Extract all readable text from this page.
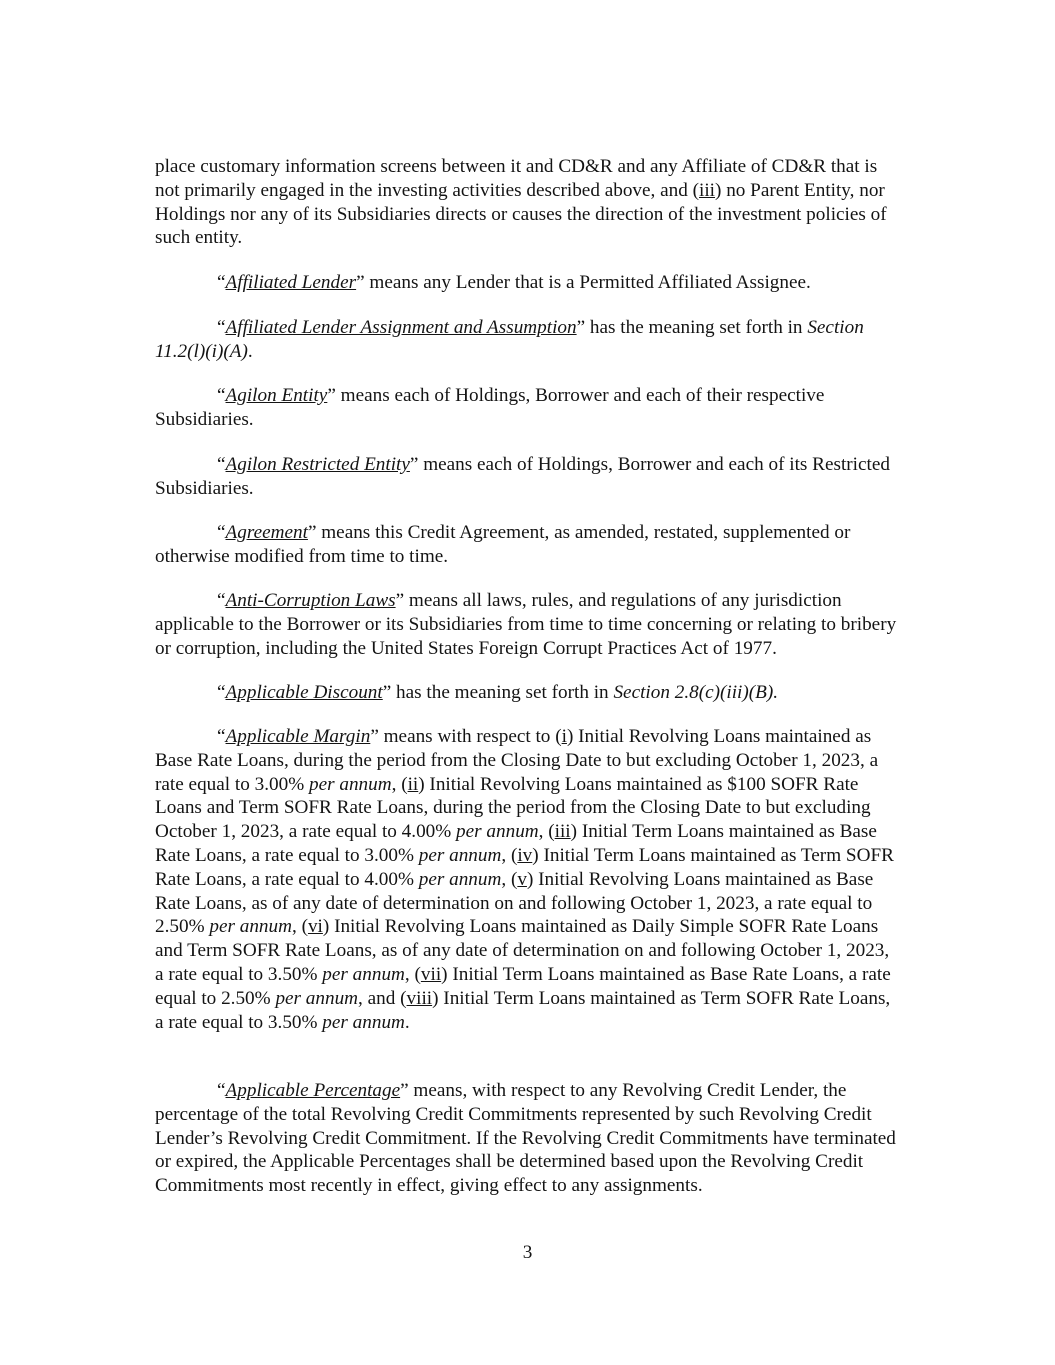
place customary information screens between it and CD&R and any Affiliate of CD&R that is not primarily engaged in the investing activities described above, and (iii) no Parent Entity, nor Holdings nor any of its Subsidiaries directs or causes the direction of the investment policies of such entity.

“Affiliated Lender” means any Lender that is a Permitted Affiliated Assignee.

“Affiliated Lender Assignment and Assumption” has the meaning set forth in Section 11.2(l)(i)(A).

“Agilon Entity” means each of Holdings, Borrower and each of their respective Subsidiaries.

“Agilon Restricted Entity” means each of Holdings, Borrower and each of its Restricted Subsidiaries.

“Agreement” means this Credit Agreement, as amended, restated, supplemented or otherwise modified from time to time.

“Anti-Corruption Laws” means all laws, rules, and regulations of any jurisdiction applicable to the Borrower or its Subsidiaries from time to time concerning or relating to bribery or corruption, including the United States Foreign Corrupt Practices Act of 1977.

“Applicable Discount” has the meaning set forth in Section 2.8(c)(iii)(B).

“Applicable Margin” means with respect to (i) Initial Revolving Loans maintained as Base Rate Loans, during the period from the Closing Date to but excluding October 1, 2023, a rate equal to 3.00% per annum, (ii) Initial Revolving Loans maintained as $100 SOFR Rate Loans and Term SOFR Rate Loans, during the period from the Closing Date to but excluding October 1, 2023, a rate equal to 4.00% per annum, (iii) Initial Term Loans maintained as Base Rate Loans, a rate equal to 3.00% per annum, (iv) Initial Term Loans maintained as Term SOFR Rate Loans, a rate equal to 4.00% per annum, (v) Initial Revolving Loans maintained as Base Rate Loans, as of any date of determination on and following October 1, 2023, a rate equal to 2.50% per annum, (vi) Initial Revolving Loans maintained as Daily Simple SOFR Rate Loans and Term SOFR Rate Loans, as of any date of determination on and following October 1, 2023, a rate equal to 3.50% per annum, (vii) Initial Term Loans maintained as Base Rate Loans, a rate equal to 2.50% per annum, and (viii) Initial Term Loans maintained as Term SOFR Rate Loans, a rate equal to 3.50% per annum.

“Applicable Percentage” means, with respect to any Revolving Credit Lender, the percentage of the total Revolving Credit Commitments represented by such Revolving Credit Lender’s Revolving Credit Commitment. If the Revolving Credit Commitments have terminated or expired, the Applicable Percentages shall be determined based upon the Revolving Credit Commitments most recently in effect, giving effect to any assignments.

3
